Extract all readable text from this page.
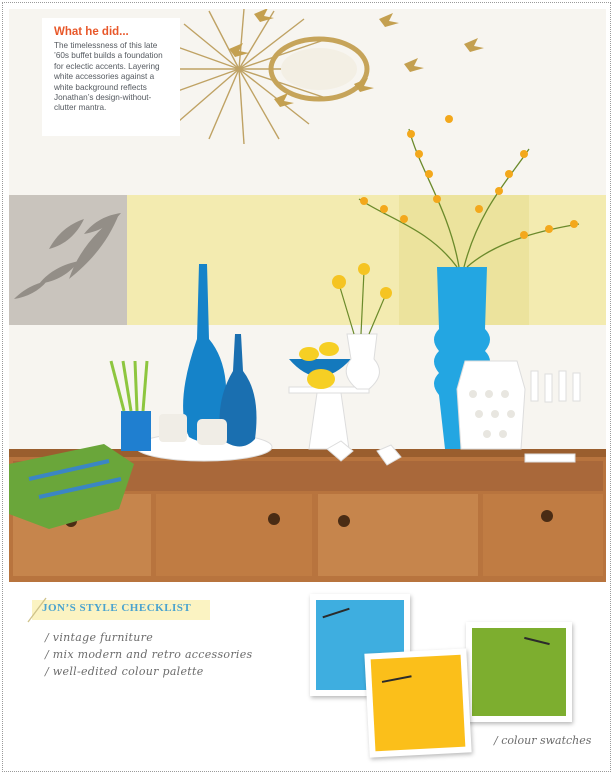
What he did...
The timelessness of this late
’60s buffet builds a foundation
for eclectic accents. Layering
white accessories against a
white background reflects
Jonathan’s design-without-
clutter mantra.
JON’S STYLE CHECKLIST
/ vintage furniture
/ mix modern and retro accessories
/ well-edited colour palette
/ colour swatches
